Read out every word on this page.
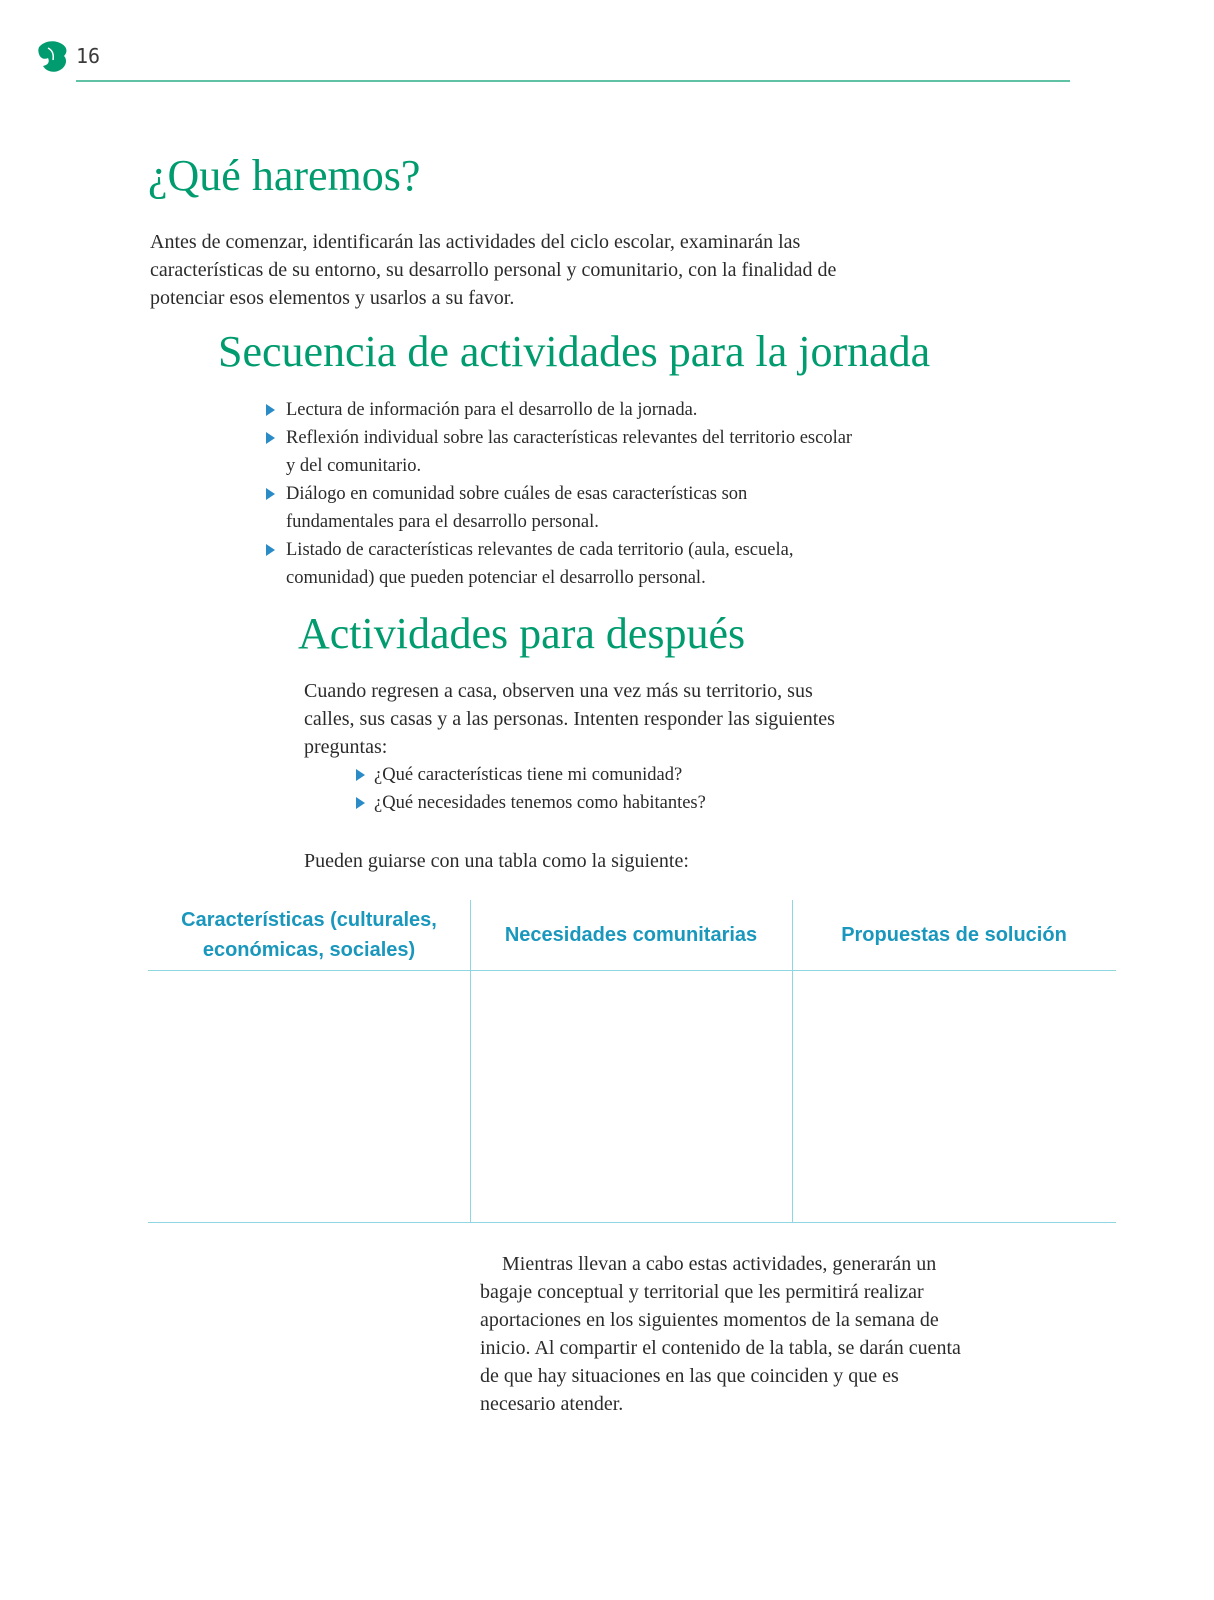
16
¿Qué haremos?

Antes de comenzar, identificarán las actividades del ciclo escolar, examinarán las características de su entorno, su desarrollo personal y comunitario, con la finalidad de potenciar esos elementos y usarlos a su favor.

Secuencia de actividades para la jornada
Lectura de información para el desarrollo de la jornada.
Reflexión individual sobre las características relevantes del territorio escolar y del comunitario.
Diálogo en comunidad sobre cuáles de esas características son fundamentales para el desarrollo personal.
Listado de características relevantes de cada territorio (aula, escuela, comunidad) que pueden potenciar el desarrollo personal.
Actividades para después

Cuando regresen a casa, observen una vez más su territorio, sus calles, sus casas y a las personas. Intenten responder las siguientes preguntas:

¿Qué características tiene mi comunidad?
¿Qué necesidades tenemos como habitantes?

Pueden guiarse con una tabla como la siguiente:

Características (culturales, económicas, sociales)
Necesidades comunitarias	Propuestas de solución

Mientras llevan a cabo estas actividades, generarán un bagaje conceptual y territorial que les permitirá realizar aportaciones en los siguientes momentos de la semana de inicio. Al compartir el contenido de la tabla, se darán cuenta de que hay situaciones en las que coinciden y que es necesario atender.
